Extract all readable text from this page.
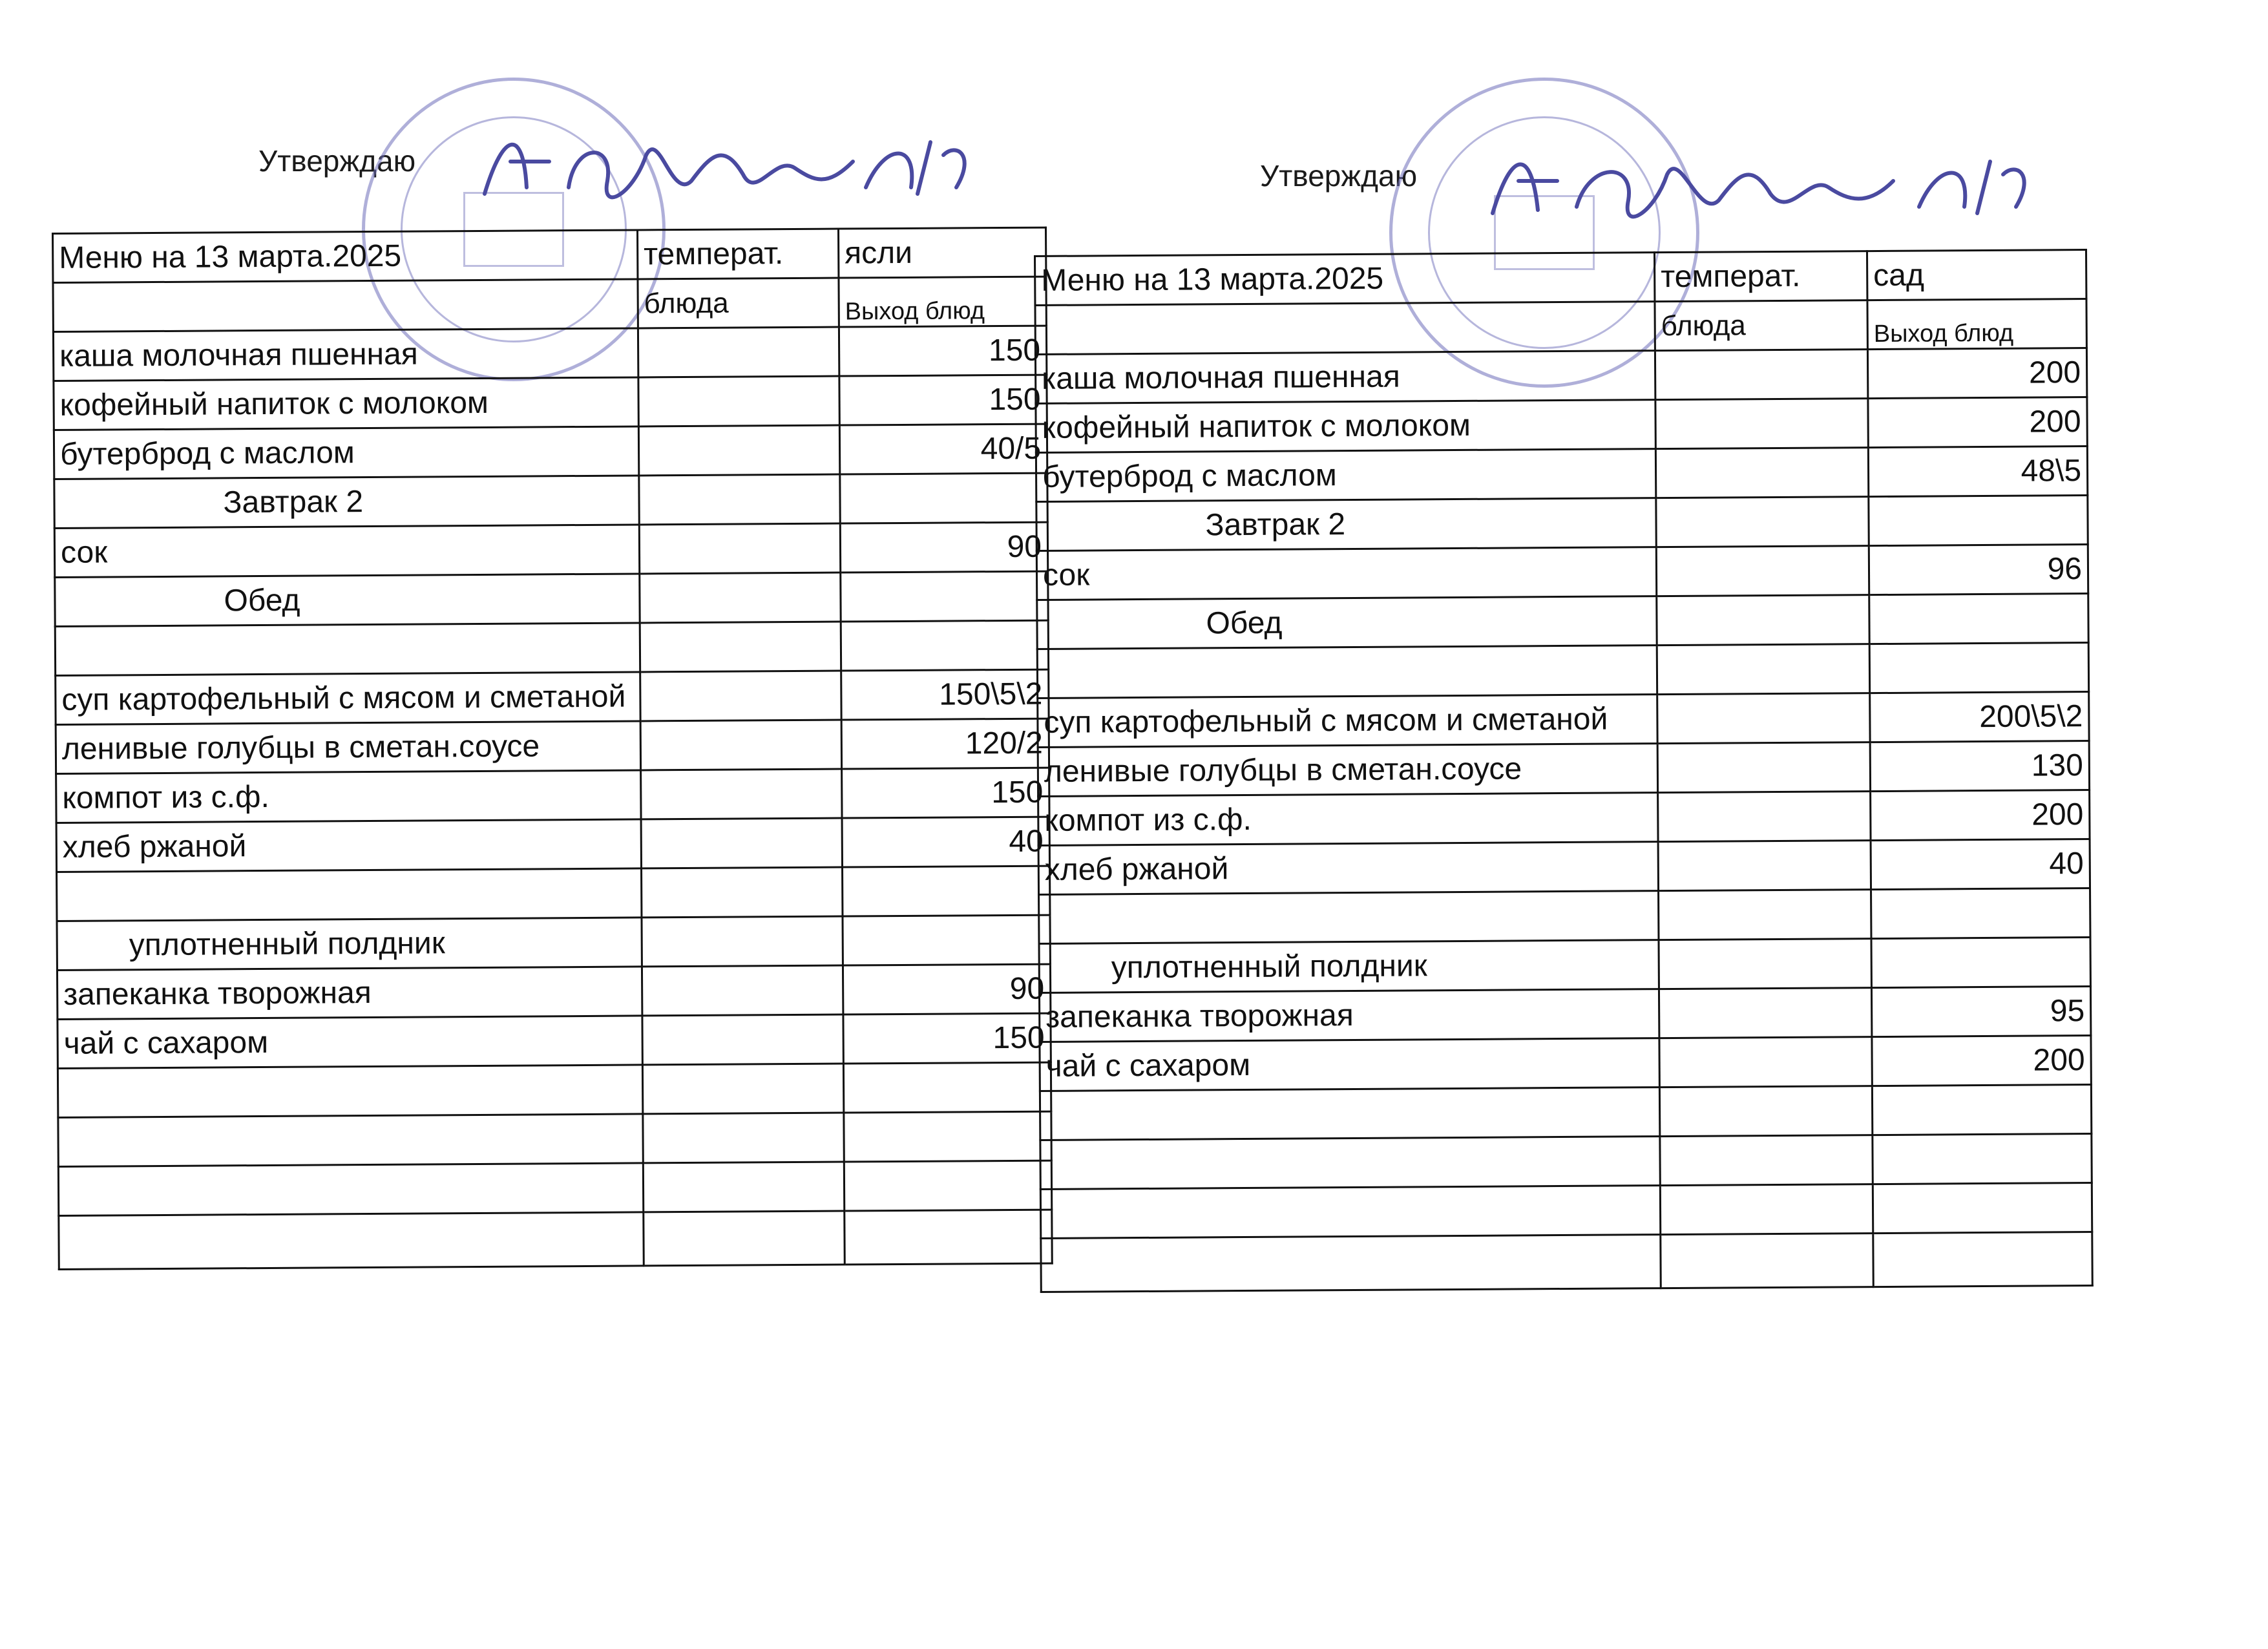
Утверждаю	Утверждаю
Меню на 13 марта.2025	температ.	ясли
	блюда	Выход блюд
каша молочная пшенная		150
кофейный напиток с молоком		150
бутерброд с маслом		40/5
Завтрак 2		
сок		90
Обед		

суп картофельный с мясом и сметаной		150\5\2
ленивые голубцы в сметан.соусе		120/2
компот из с.ф.		150
хлеб ржаной		40

уплотненный полдник		
запеканка творожная		90
чай с сахаром		150

Меню на 13 марта.2025	температ.	сад
	блюда	Выход блюд
каша молочная пшенная		200
кофейный напиток с молоком		200
бутерброд с маслом		48\5
Завтрак 2		
сок		96
Обед		

суп картофельный с мясом и сметаной		200\5\2
ленивые голубцы в сметан.соусе		130
компот из с.ф.		200
хлеб ржаной		40

уплотненный полдник		
запеканка творожная		95
чай с сахаром		200
